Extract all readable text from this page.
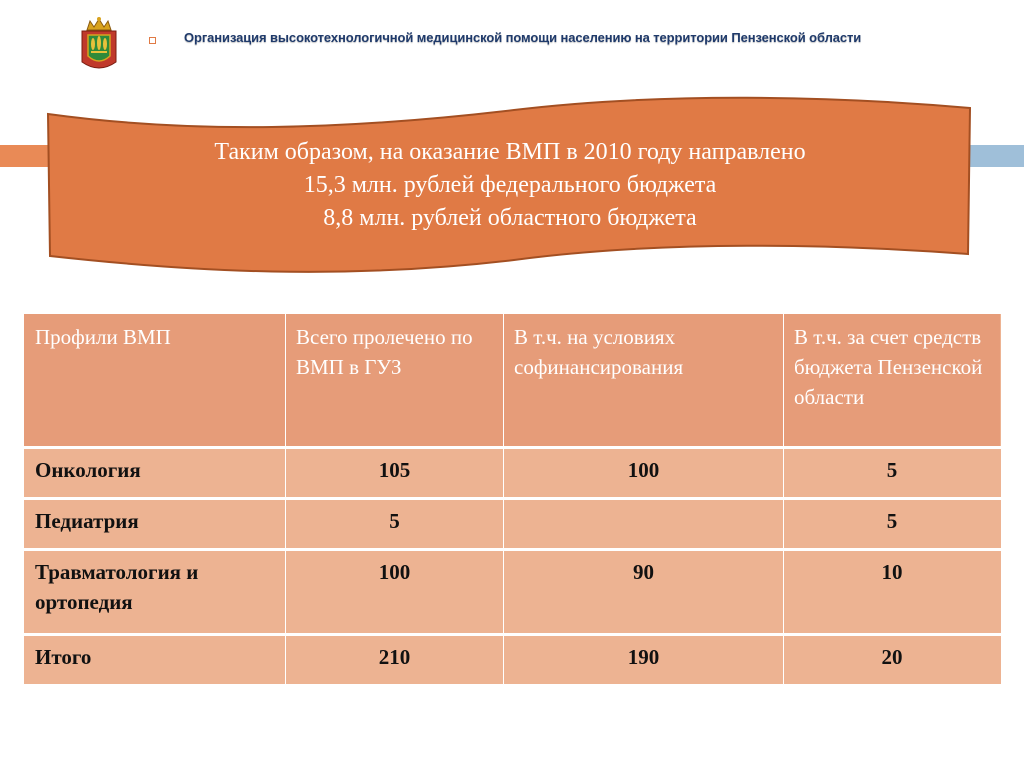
Организация высокотехнологичной медицинской помощи населению на территории Пензенской области
Таким образом, на оказание ВМП в 2010 году направлено
15,3 млн. рублей федерального бюджета
8,8 млн. рублей областного бюджета
Профили ВМП	Всего пролечено по ВМП в ГУЗ	В т.ч. на условиях софинансирования	В т.ч. за счет средств бюджета Пензенской области
Онкология	105	100	5
Педиатрия	5		5
Травматология и ортопедия	100	90	10
Итого	210	190	20
